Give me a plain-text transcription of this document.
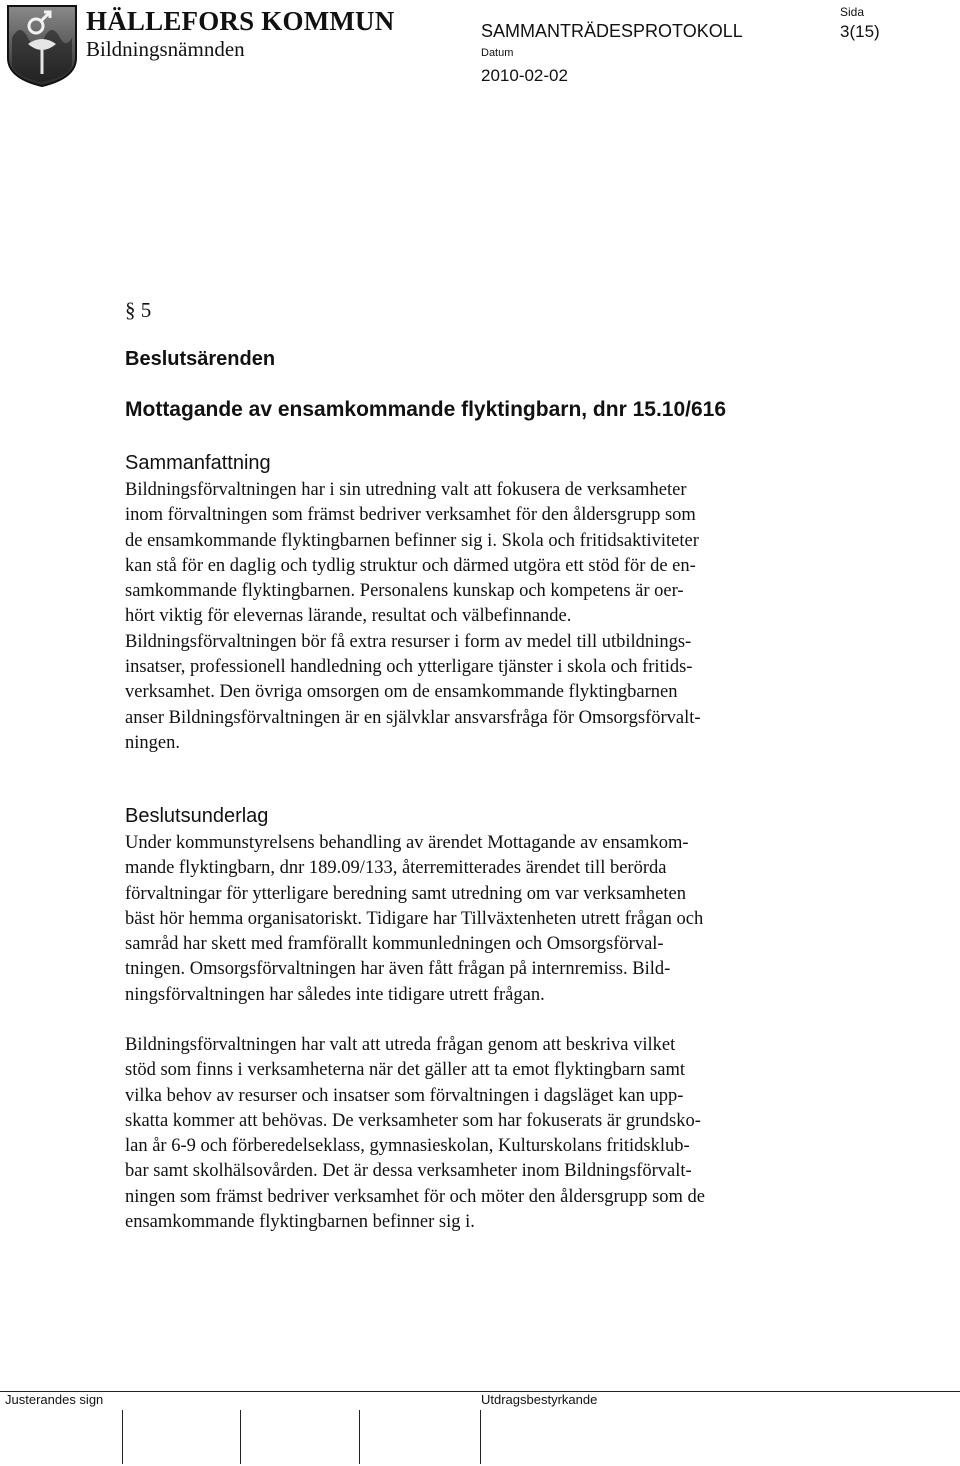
HÄLLEFORS KOMMUN
Bildningsnämnden
SAMMANTRÄDESPROTOKOLL
Datum
2010-02-02
Sida
3(15)
§ 5
Beslutsärenden
Mottagande av ensamkommande flyktingbarn, dnr 15.10/616
Sammanfattning
Bildningsförvaltningen har i sin utredning valt att fokusera de verksamheter
inom förvaltningen som främst bedriver verksamhet för den åldersgrupp som
de ensamkommande flyktingbarnen befinner sig i. Skola och fritidsaktiviteter
kan stå för en daglig och tydlig struktur och därmed utgöra ett stöd för de en-
samkommande flyktingbarnen. Personalens kunskap och kompetens är oer-
hört viktig för elevernas lärande, resultat och välbefinnande.
Bildningsförvaltningen bör få extra resurser i form av medel till utbildnings-
insatser, professionell handledning och ytterligare tjänster i skola och fritids-
verksamhet. Den övriga omsorgen om de ensamkommande flyktingbarnen
anser Bildningsförvaltningen är en självklar ansvarsfråga för Omsorgsförvalt-
ningen.
Beslutsunderlag
Under kommunstyrelsens behandling av ärendet Mottagande av ensamkom-
mande flyktingbarn, dnr 189.09/133, återremitterades ärendet till berörda
förvaltningar för ytterligare beredning samt utredning om var verksamheten
bäst hör hemma organisatoriskt. Tidigare har Tillväxtenheten utrett frågan och
samråd har skett med framförallt kommunledningen och Omsorgsförval-
tningen. Omsorgsförvaltningen har även fått frågan på internremiss. Bild-
ningsförvaltningen har således inte tidigare utrett frågan.
Bildningsförvaltningen har valt att utreda frågan genom att beskriva vilket
stöd som finns i verksamheterna när det gäller att ta emot flyktingbarn samt
vilka behov av resurser och insatser som förvaltningen i dagsläget kan upp-
skatta kommer att behövas. De verksamheter som har fokuserats är grundsko-
lan år 6-9 och förberedelseklass, gymnasieskolan, Kulturskolans fritidsklub-
bar samt skolhälsovården. Det är dessa verksamheter inom Bildningsförvalt-
ningen som främst bedriver verksamhet för och möter den åldersgrupp som de
ensamkommande flyktingbarnen befinner sig i.
Justerandes sign	Utdragsbestyrkande
